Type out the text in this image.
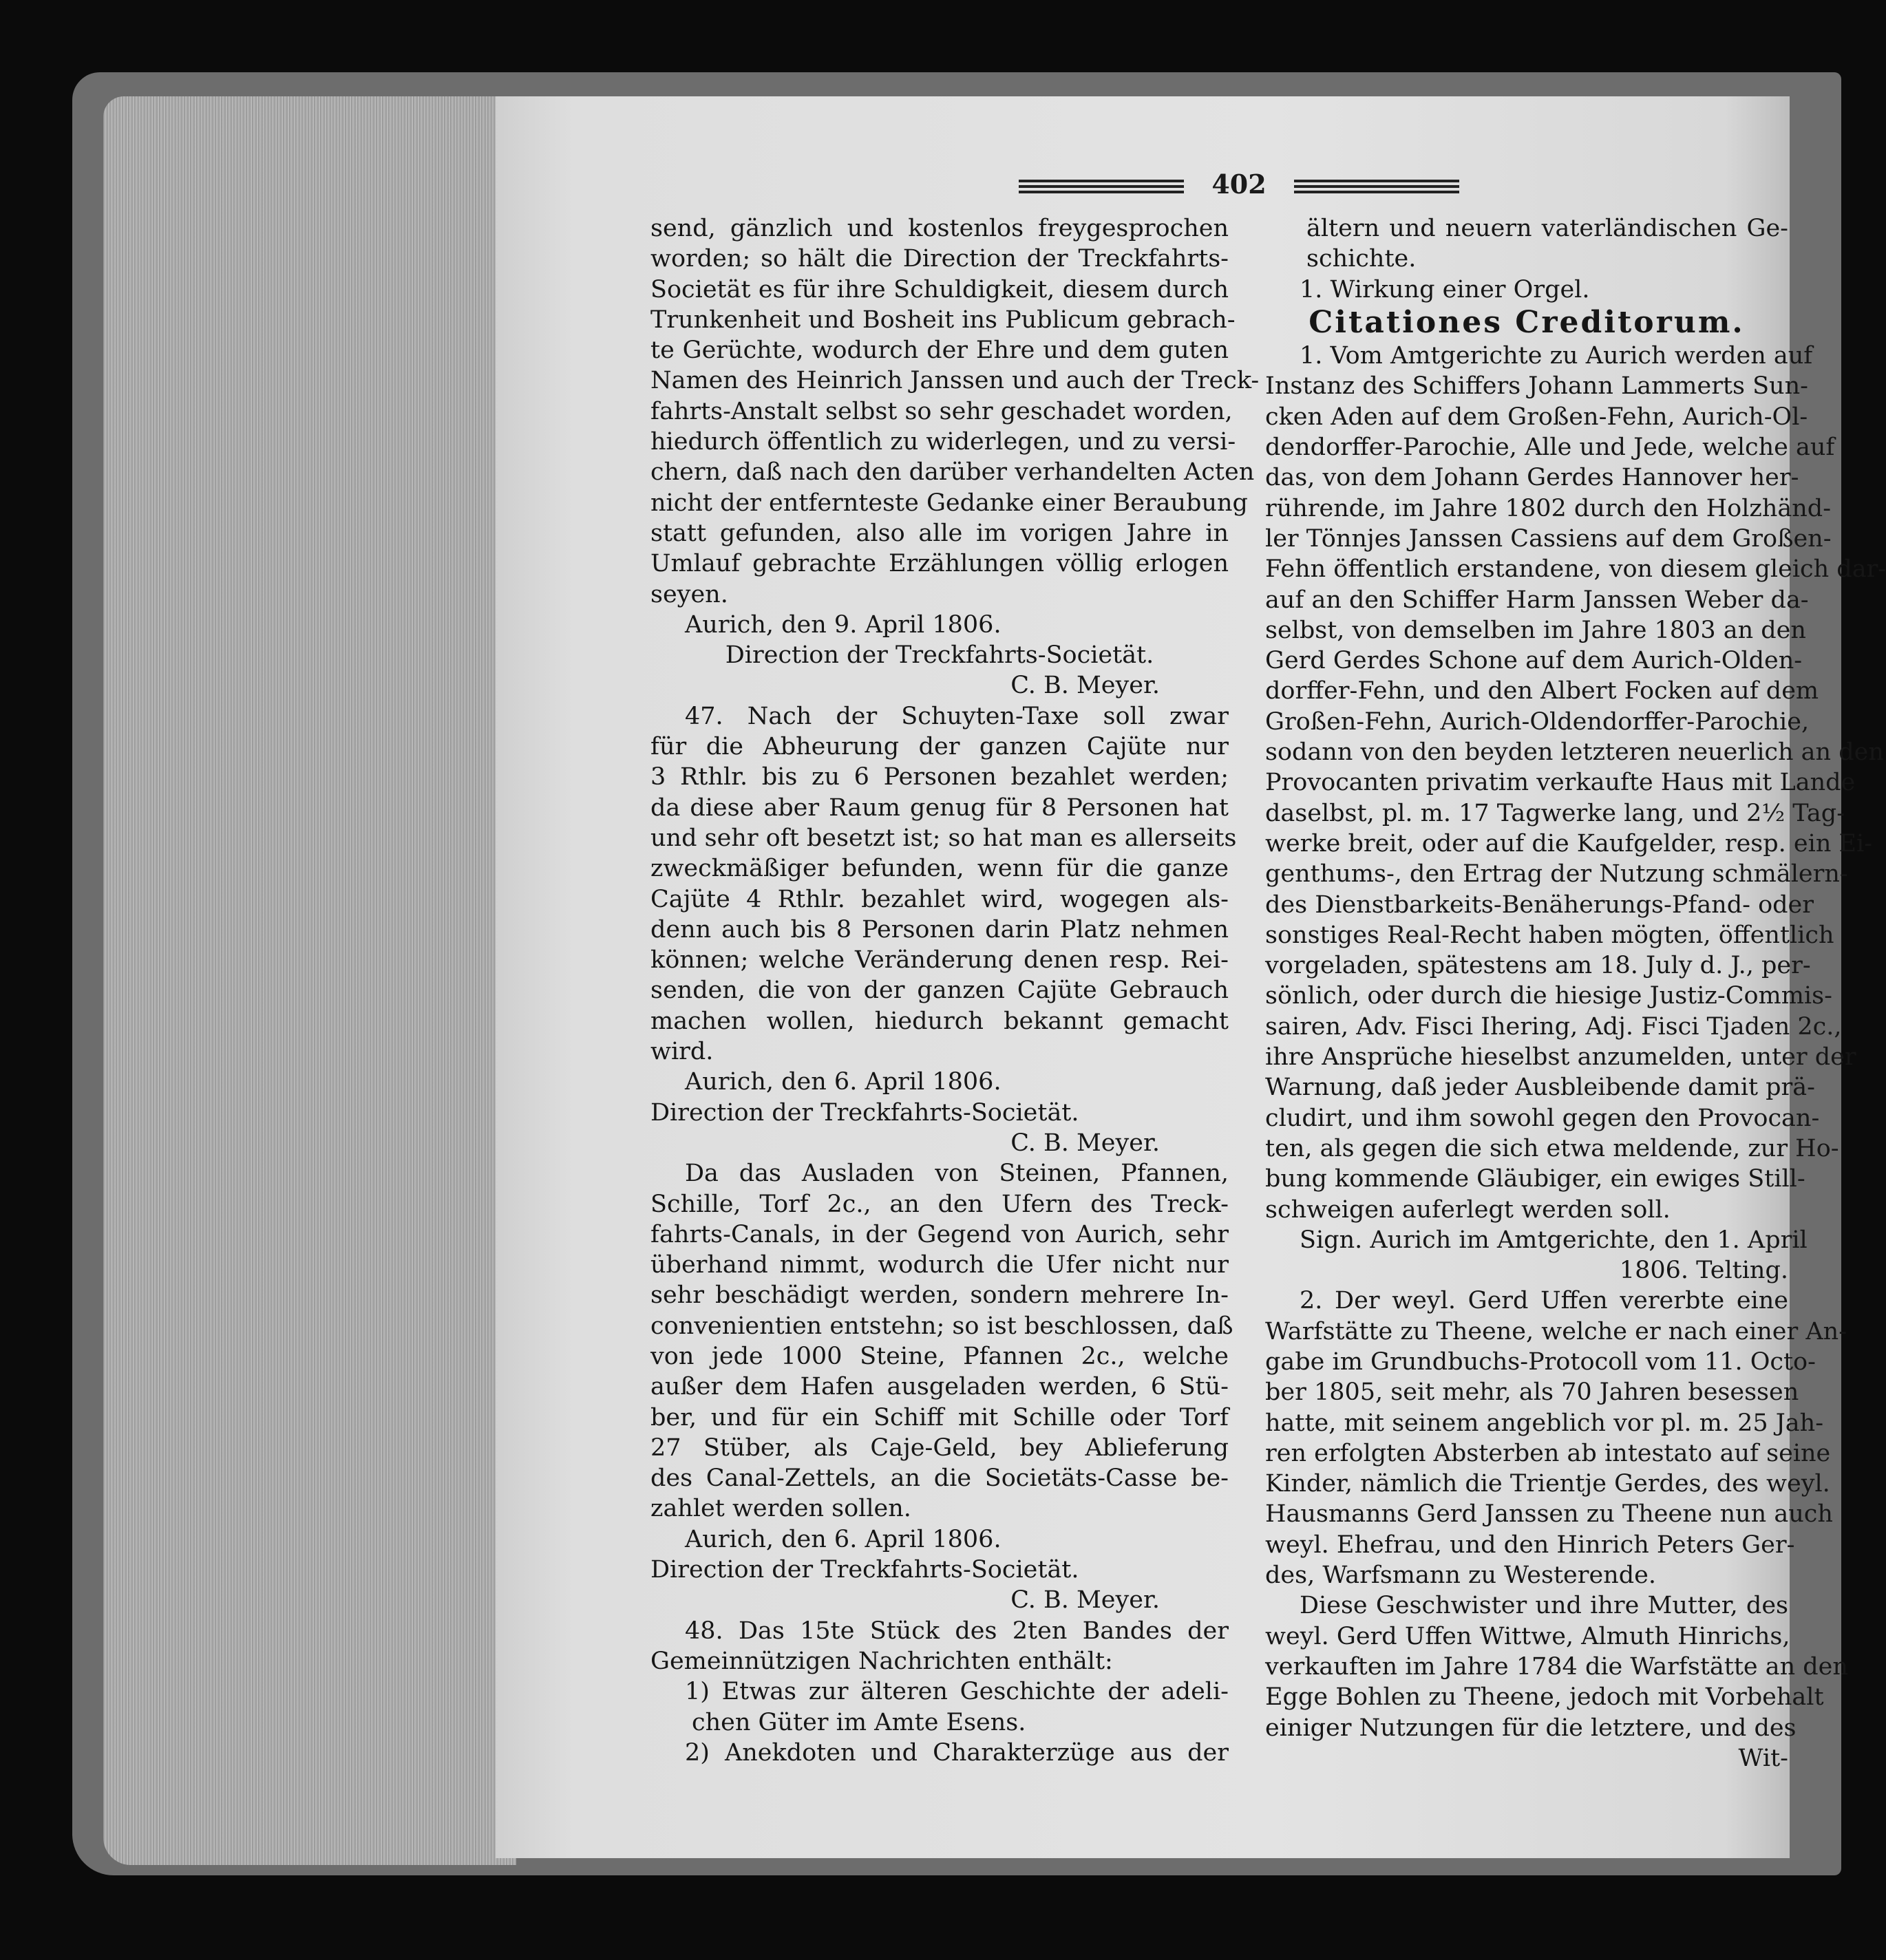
402
send, gänzlich und kostenlos freygesprochen
worden; so hält die Direction der Treckfahrts-
Societät es für ihre Schuldigkeit, diesem durch
Trunkenheit und Bosheit ins Publicum gebrach-
te Gerüchte, wodurch der Ehre und dem guten
Namen des Heinrich Janssen und auch der Treck-
fahrts-Anstalt selbst so sehr geschadet worden,
hiedurch öffentlich zu widerlegen, und zu versi-
chern, daß nach den darüber verhandelten Acten
nicht der entfernteste Gedanke einer Beraubung
statt gefunden, also alle im vorigen Jahre in
Umlauf gebrachte Erzählungen völlig erlogen
seyen.
Aurich, den 9. April 1806.
Direction der Treckfahrts-Societät.
C. B. Meyer.
47. Nach der Schuyten-Taxe soll zwar
für die Abheurung der ganzen Cajüte nur
3 Rthlr. bis zu 6 Personen bezahlet werden;
da diese aber Raum genug für 8 Personen hat
und sehr oft besetzt ist; so hat man es allerseits
zweckmäßiger befunden, wenn für die ganze
Cajüte 4 Rthlr. bezahlet wird, wogegen als-
denn auch bis 8 Personen darin Platz nehmen
können; welche Veränderung denen resp. Rei-
senden, die von der ganzen Cajüte Gebrauch
machen wollen, hiedurch bekannt gemacht
wird.
Aurich, den 6. April 1806.
Direction der Treckfahrts-Societät.
C. B. Meyer.
Da das Ausladen von Steinen, Pfannen,
Schille, Torf 2c., an den Ufern des Treck-
fahrts-Canals, in der Gegend von Aurich, sehr
überhand nimmt, wodurch die Ufer nicht nur
sehr beschädigt werden, sondern mehrere In-
convenientien entstehn; so ist beschlossen, daß
von jede 1000 Steine, Pfannen 2c., welche
außer dem Hafen ausgeladen werden, 6 Stü-
ber, und für ein Schiff mit Schille oder Torf
27 Stüber, als Caje-Geld, bey Ablieferung
des Canal-Zettels, an die Societäts-Casse be-
zahlet werden sollen.
Aurich, den 6. April 1806.
Direction der Treckfahrts-Societät.
C. B. Meyer.
48. Das 15te Stück des 2ten Bandes der
Gemeinnützigen Nachrichten enthält:
1) Etwas zur älteren Geschichte der adeli-
chen Güter im Amte Esens.
2) Anekdoten und Charakterzüge aus der
ältern und neuern vaterländischen Ge-
schichte.
1. Wirkung einer Orgel.
Citationes Creditorum.
1. Vom Amtgerichte zu Aurich werden auf
Instanz des Schiffers Johann Lammerts Sun-
cken Aden auf dem Großen-Fehn, Aurich-Ol-
dendorffer-Parochie, Alle und Jede, welche auf
das, von dem Johann Gerdes Hannover her-
rührende, im Jahre 1802 durch den Holzhänd-
ler Tönnjes Janssen Cassiens auf dem Großen-
Fehn öffentlich erstandene, von diesem gleich dar-
auf an den Schiffer Harm Janssen Weber da-
selbst, von demselben im Jahre 1803 an den
Gerd Gerdes Schone auf dem Aurich-Olden-
dorffer-Fehn, und den Albert Focken auf dem
Großen-Fehn, Aurich-Oldendorffer-Parochie,
sodann von den beyden letzteren neuerlich an den
Provocanten privatim verkaufte Haus mit Lande
daselbst, pl. m. 17 Tagwerke lang, und 2½ Tag-
werke breit, oder auf die Kaufgelder, resp. ein Ei-
genthums-, den Ertrag der Nutzung schmälern-
des Dienstbarkeits-Benäherungs-Pfand- oder
sonstiges Real-Recht haben mögten, öffentlich
vorgeladen, spätestens am 18. July d. J., per-
sönlich, oder durch die hiesige Justiz-Commis-
sairen, Adv. Fisci Ihering, Adj. Fisci Tjaden 2c.,
ihre Ansprüche hieselbst anzumelden, unter der
Warnung, daß jeder Ausbleibende damit prä-
cludirt, und ihm sowohl gegen den Provocan-
ten, als gegen die sich etwa meldende, zur Ho-
bung kommende Gläubiger, ein ewiges Still-
schweigen auferlegt werden soll.
Sign. Aurich im Amtgerichte, den 1. April
1806. Telting.
2. Der weyl. Gerd Uffen vererbte eine
Warfstätte zu Theene, welche er nach einer An-
gabe im Grundbuchs-Protocoll vom 11. Octo-
ber 1805, seit mehr, als 70 Jahren besessen
hatte, mit seinem angeblich vor pl. m. 25 Jah-
ren erfolgten Absterben ab intestato auf seine
Kinder, nämlich die Trientje Gerdes, des weyl.
Hausmanns Gerd Janssen zu Theene nun auch
weyl. Ehefrau, und den Hinrich Peters Ger-
des, Warfsmann zu Westerende.
Diese Geschwister und ihre Mutter, des
weyl. Gerd Uffen Wittwe, Almuth Hinrichs,
verkauften im Jahre 1784 die Warfstätte an den
Egge Bohlen zu Theene, jedoch mit Vorbehalt
einiger Nutzungen für die letztere, und des
Wit-
